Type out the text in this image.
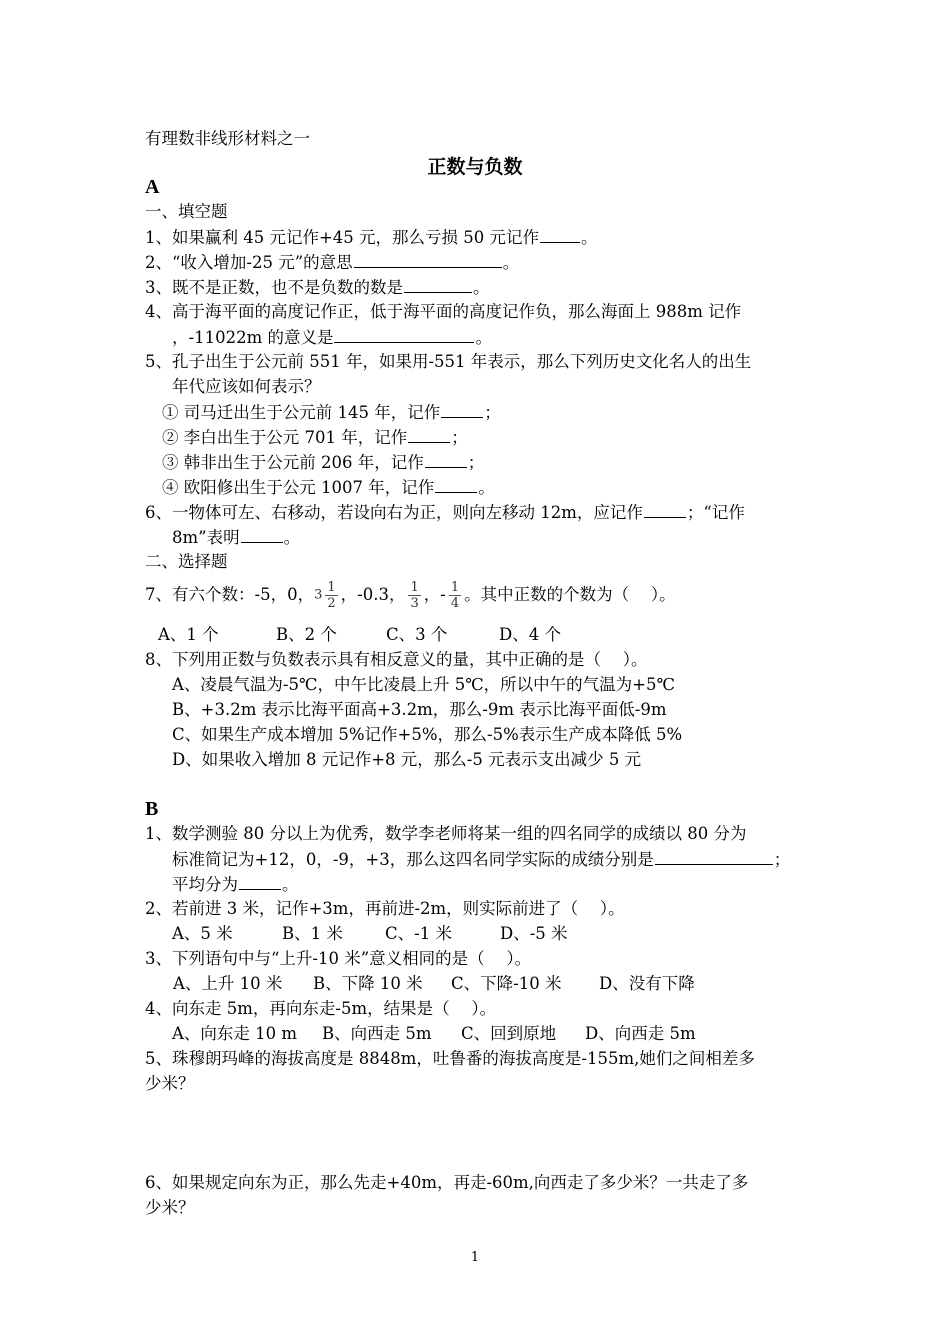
有理数非线形材料之一
正数与负数
A
一、填空题
1、如果赢利 45 元记作+45 元，那么亏损 50 元记作	。
2、“收入增加-25 元”的意思	。
3、既不是正数，也不是负数的数是	。
4、高于海平面的高度记作正，低于海平面的高度记作负，那么海面上 988m 记作
，-11022m 的意义是	。
5、孔子出生于公元前 551 年，如果用-551 年表示，那么下列历史文化名人的出生
年代应该如何表示？
① 司马迁出生于公元前 145 年，记作	；
② 李白出生于公元 701 年，记作	；
③ 韩非出生于公元前 206 年，记作	；
④ 欧阳修出生于公元 1007 年，记作	。
6、一物体可左、右移动，若设向右为正，则向左移动 12m，应记作	；“记作
8m”表明	。
二、选择题
7、有六个数：-5，0，$3 \frac{1}{2}$ ，-0.3， $\frac{1}{3}$ ，- $\frac{1}{4}$ 。其中正数的个数为（　 ）。
A、1 个	B、2 个	C、3 个	D、4 个
8、下列用正数与负数表示具有相反意义的量，其中正确的是（　 ）。
A、凌晨气温为-5℃，中午比凌晨上升 5℃，所以中午的气温为+5℃
B、+3.2m 表示比海平面高+3.2m，那么-9m 表示比海平面低-9m
C、如果生产成本增加 5%记作+5%，那么-5%表示生产成本降低 5%
D、如果收入增加 8 元记作+8 元，那么-5 元表示支出减少 5 元
B
1、数学测验 80 分以上为优秀，数学李老师将某一组的四名同学的成绩以 80 分为
标准简记为+12，0，-9，+3，那么这四名同学实际的成绩分别是	；
平均分为	。
2、若前进 3 米，记作+3m，再前进-2m，则实际前进了（　 ）。
A、5 米	B、1 米	C、-1 米	D、-5 米
3、下列语句中与“上升-10 米”意义相同的是（　 ）。
A、上升 10 米 B、下降 10 米 C、下降-10 米 D、没有下降
4、向东走 5m，再向东走-5m，结果是（　 ）。
A、向东走 10 m B、向西走 5m C、回到原地 D、向西走 5m
5、珠穆朗玛峰的海拔高度是 8848m，吐鲁番的海拔高度是-155m,她们之间相差多
少米？
6、如果规定向东为正，那么先走+40m，再走-60m,向西走了多少米？一共走了多
少米？
1
